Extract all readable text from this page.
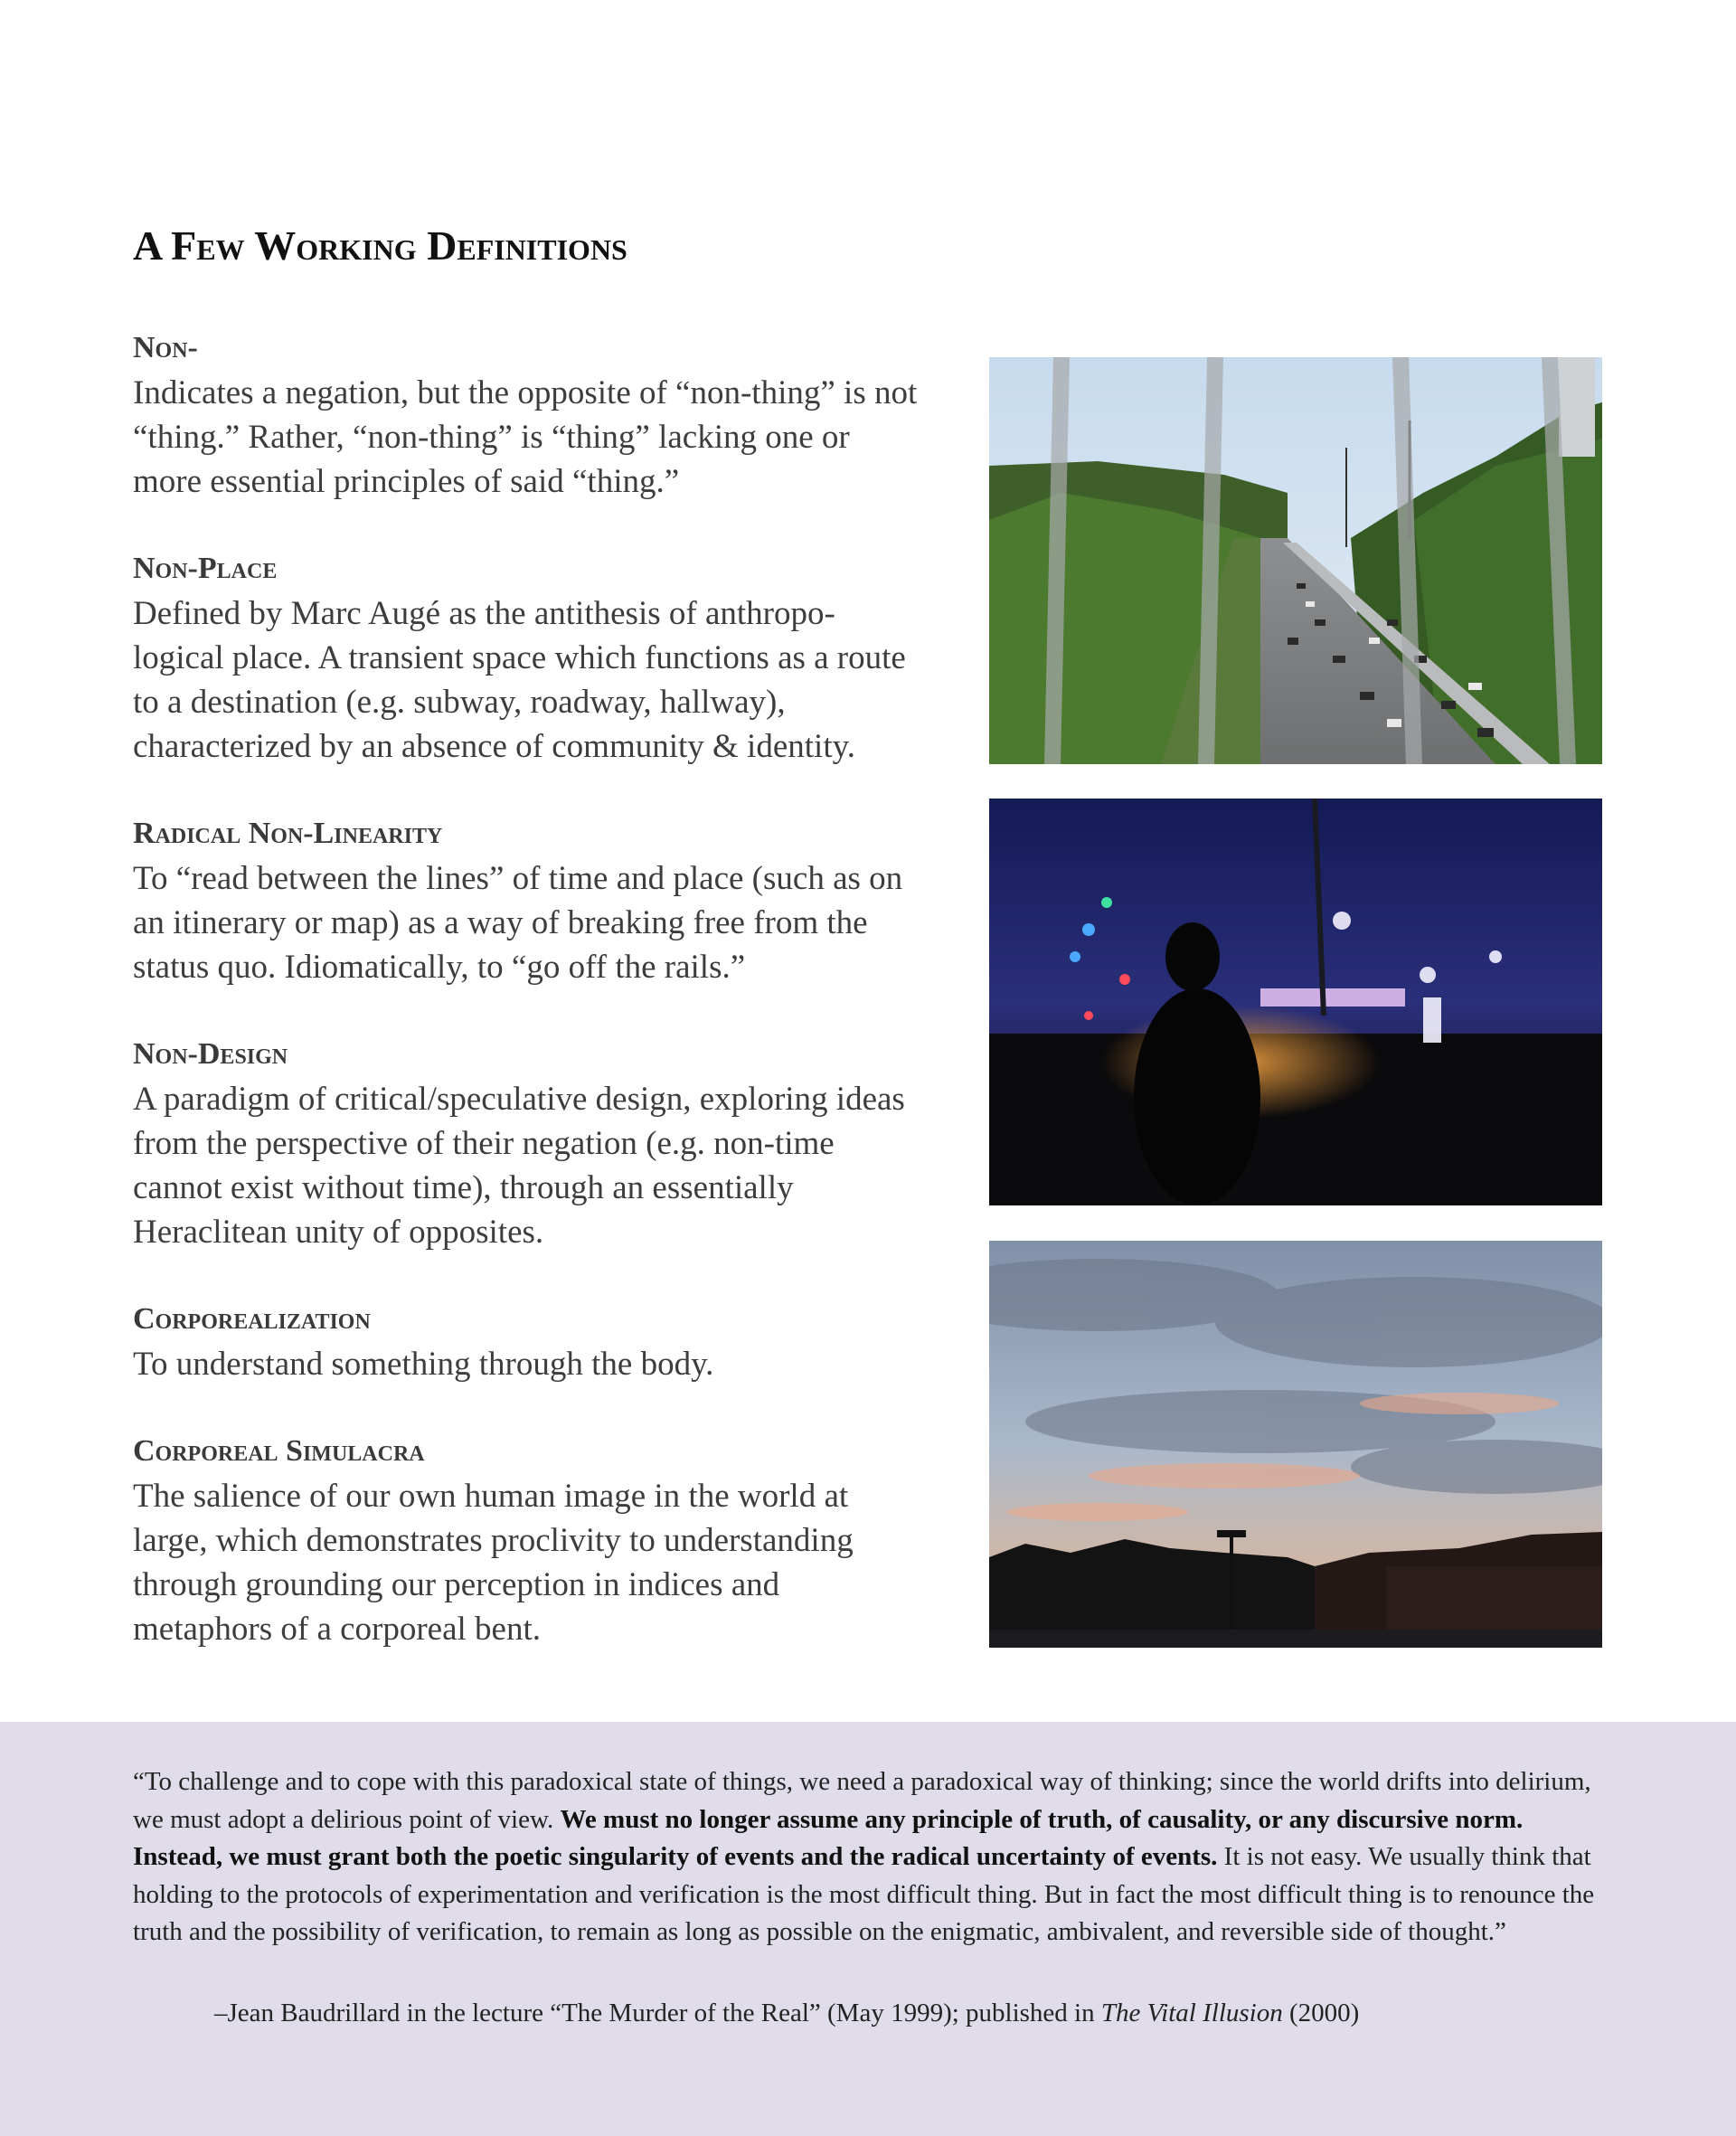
A Few Working Definitions

Non-

Indicates a negation, but the opposite of “non-thing” is not “thing.” Rather, “non-thing” is “thing” lacking one or more essential principles of said “thing.”

Non-Place

Defined by Marc Augé as the antithesis of anthropo-logical place. A transient space which functions as a route to a destination (e.g. subway, roadway, hallway), characterized by an absence of community & identity.

Radical Non-Linearity

To “read between the lines” of time and place (such as on an itinerary or map) as a way of breaking free from the status quo. Idiomatically, to “go off the rails.”

Non-Design

A paradigm of critical/speculative design, exploring ideas from the perspective of their negation (e.g. non-time cannot exist without time), through an essentially Heraclitean unity of opposites.

Corporealization

To understand something through the body.

Corporeal Simulacra

The salience of our own human image in the world at large, which demonstrates proclivity to understanding through grounding our perception in indices and metaphors of a corporeal bent.

“To challenge and to cope with this paradoxical state of things, we need a paradoxical way of thinking; since the world drifts into delirium, we must adopt a delirious point of view. We must no longer assume any principle of truth, of causality, or any discursive norm. Instead, we must grant both the poetic singularity of events and the radical uncertainty of events. It is not easy. We usually think that holding to the protocols of experimentation and verification is the most difficult thing. But in fact the most difficult thing is to renounce the truth and the possibility of verification, to remain as long as possible on the enigmatic, ambivalent, and reversible side of thought.”

–Jean Baudrillard in the lecture “The Murder of the Real” (May 1999); published in The Vital Illusion (2000)
